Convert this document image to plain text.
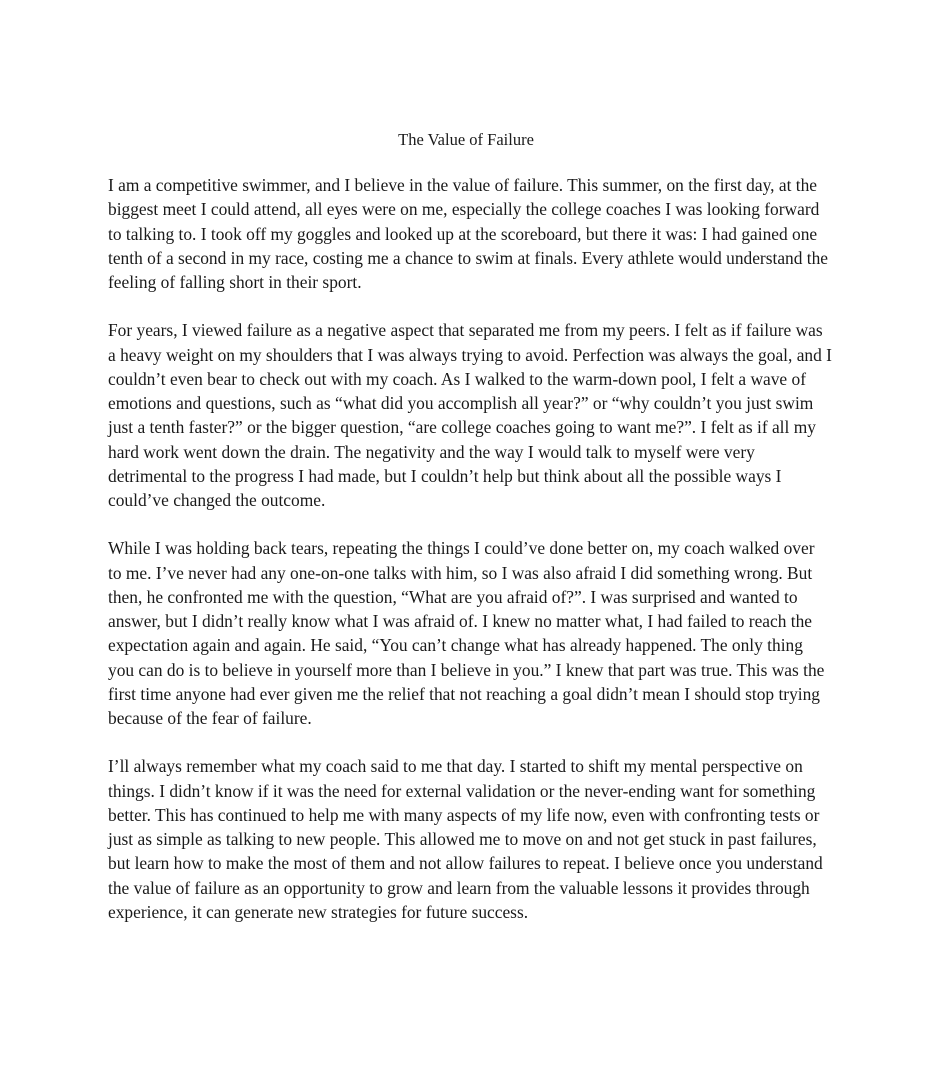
The Value of Failure

I am a competitive swimmer, and I believe in the value of failure. This summer, on the first day, at the biggest meet I could attend, all eyes were on me, especially the college coaches I was looking forward to talking to. I took off my goggles and looked up at the scoreboard, but there it was: I had gained one tenth of a second in my race, costing me a chance to swim at finals. Every athlete would understand the feeling of falling short in their sport.

For years, I viewed failure as a negative aspect that separated me from my peers. I felt as if failure was a heavy weight on my shoulders that I was always trying to avoid. Perfection was always the goal, and I couldn’t even bear to check out with my coach. As I walked to the warm-down pool, I felt a wave of emotions and questions, such as “what did you accomplish all year?” or “why couldn’t you just swim just a tenth faster?” or the bigger question, “are college coaches going to want me?”. I felt as if all my hard work went down the drain. The negativity and the way I would talk to myself were very detrimental to the progress I had made, but I couldn’t help but think about all the possible ways I could’ve changed the outcome.

While I was holding back tears, repeating the things I could’ve done better on, my coach walked over to me. I’ve never had any one-on-one talks with him, so I was also afraid I did something wrong. But then, he confronted me with the question, “What are you afraid of?”. I was surprised and wanted to answer, but I didn’t really know what I was afraid of. I knew no matter what, I had failed to reach the expectation again and again. He said, “You can’t change what has already happened. The only thing you can do is to believe in yourself more than I believe in you.” I knew that part was true. This was the first time anyone had ever given me the relief that not reaching a goal didn’t mean I should stop trying because of the fear of failure.

I’ll always remember what my coach said to me that day. I started to shift my mental perspective on things. I didn’t know if it was the need for external validation or the never-ending want for something better. This has continued to help me with many aspects of my life now, even with confronting tests or just as simple as talking to new people. This allowed me to move on and not get stuck in past failures, but learn how to make the most of them and not allow failures to repeat. I believe once you understand the value of failure as an opportunity to grow and learn from the valuable lessons it provides through experience, it can generate new strategies for future success.
